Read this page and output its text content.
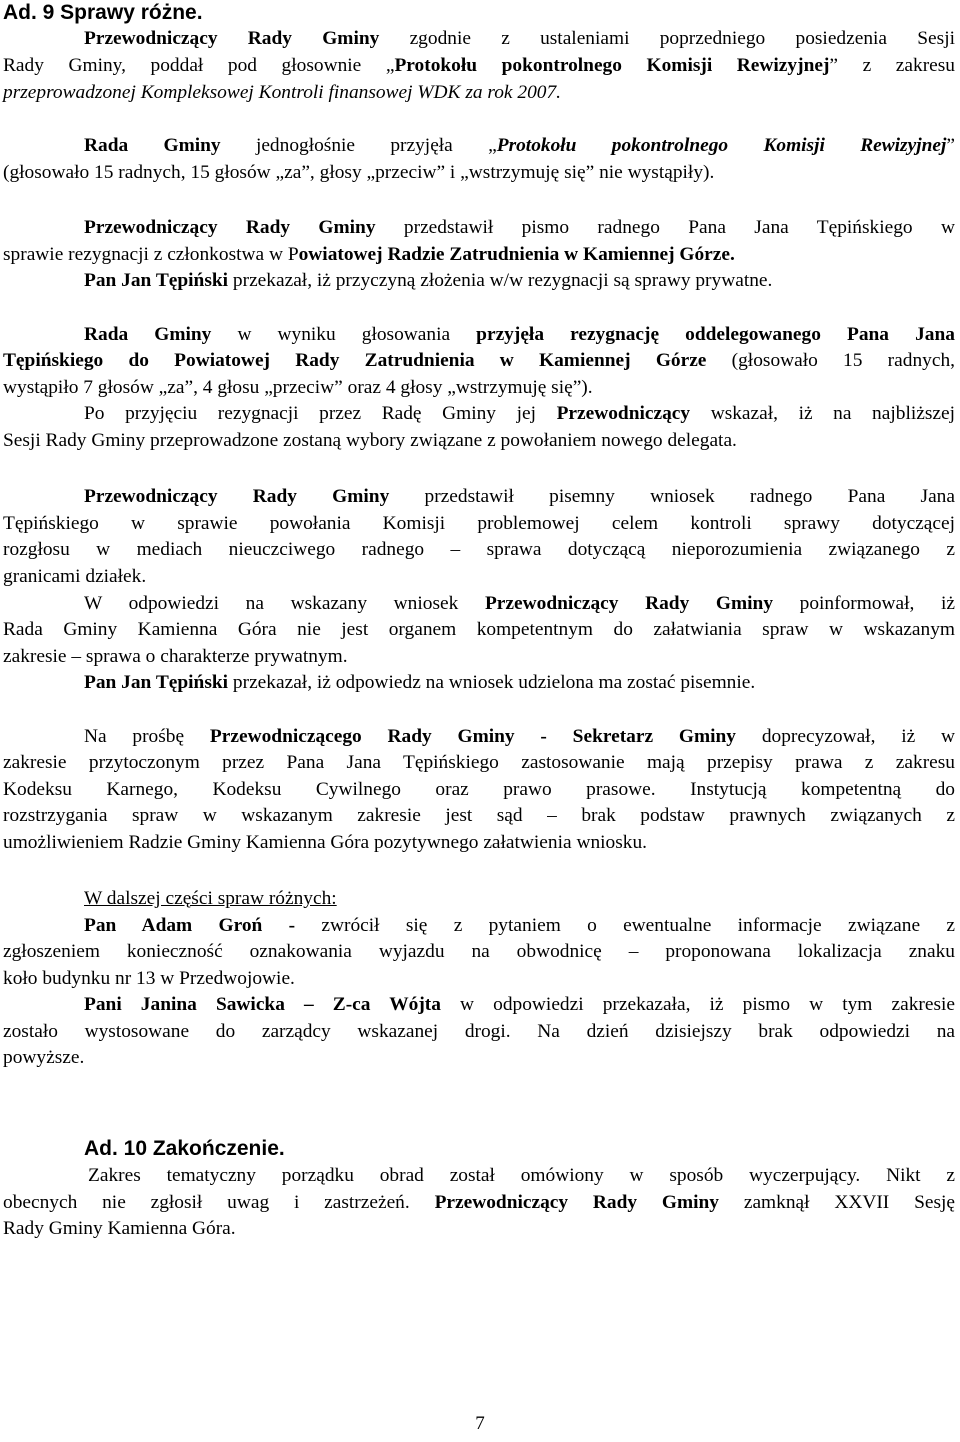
Ad. 9 Sprawy różne.
Przewodniczący Rady Gminy zgodnie z ustaleniami poprzedniego posiedzenia Sesji
Rady Gminy, poddał pod głosownie „Protokołu pokontrolnego Komisji Rewizyjnej” z zakresu
przeprowadzonej Kompleksowej Kontroli finansowej WDK za rok 2007.
Rada Gminy jednogłośnie przyjęła „Protokołu pokontrolnego Komisji Rewizyjnej”
(głosowało 15 radnych, 15 głosów „za”, głosy „przeciw” i „wstrzymuję się” nie wystąpiły).
Przewodniczący Rady Gminy przedstawił pismo radnego Pana Jana Tępińskiego w
sprawie rezygnacji z członkostwa w Powiatowej Radzie Zatrudnienia w Kamiennej Górze.
Pan Jan Tępiński przekazał, iż przyczyną złożenia w/w rezygnacji są sprawy prywatne.
Rada Gminy w wyniku głosowania przyjęła rezygnację oddelegowanego Pana Jana
Tępińskiego do Powiatowej Rady Zatrudnienia w Kamiennej Górze (głosowało 15 radnych,
wystąpiło 7 głosów „za”, 4 głosu „przeciw” oraz 4 głosy „wstrzymuję się”).
Po przyjęciu rezygnacji przez Radę Gminy jej Przewodniczący wskazał, iż na najbliższej
Sesji Rady Gminy przeprowadzone zostaną wybory związane z powołaniem nowego delegata.
Przewodniczący Rady Gminy przedstawił pisemny wniosek radnego Pana Jana
Tępińskiego w sprawie powołania Komisji problemowej celem kontroli sprawy dotyczącej
rozgłosu w mediach nieuczciwego radnego – sprawa dotyczącą nieporozumienia związanego z
granicami działek.
W odpowiedzi na wskazany wniosek Przewodniczący Rady Gminy poinformował, iż
Rada Gminy Kamienna Góra nie jest organem kompetentnym do załatwiania spraw w wskazanym
zakresie – sprawa o charakterze prywatnym.
Pan Jan Tępiński przekazał, iż odpowiedz na wniosek udzielona ma zostać pisemnie.
Na prośbę Przewodniczącego Rady Gminy - Sekretarz Gminy doprecyzował, iż w
zakresie przytoczonym przez Pana Jana Tępińskiego zastosowanie mają przepisy prawa z zakresu
Kodeksu Karnego, Kodeksu Cywilnego oraz prawo prasowe. Instytucją kompetentną do
rozstrzygania spraw w wskazanym zakresie jest sąd – brak podstaw prawnych związanych z
umożliwieniem Radzie Gminy Kamienna Góra pozytywnego załatwienia wniosku.
W dalszej części spraw różnych:
Pan Adam Groń - zwrócił się z pytaniem o ewentualne informacje związane z
zgłoszeniem konieczność oznakowania wyjazdu na obwodnicę – proponowana lokalizacja znaku
koło budynku nr 13 w Przedwojowie.
Pani Janina Sawicka – Z-ca Wójta w odpowiedzi przekazała, iż pismo w tym zakresie
zostało wystosowane do zarządcy wskazanej drogi. Na dzień dzisiejszy brak odpowiedzi na
powyższe.
Ad. 10 Zakończenie.
Zakres tematyczny porządku obrad został omówiony w sposób wyczerpujący. Nikt z
obecnych nie zgłosił uwag i zastrzeżeń. Przewodniczący Rady Gminy zamknął XXVII Sesję
Rady Gminy Kamienna Góra.
7
